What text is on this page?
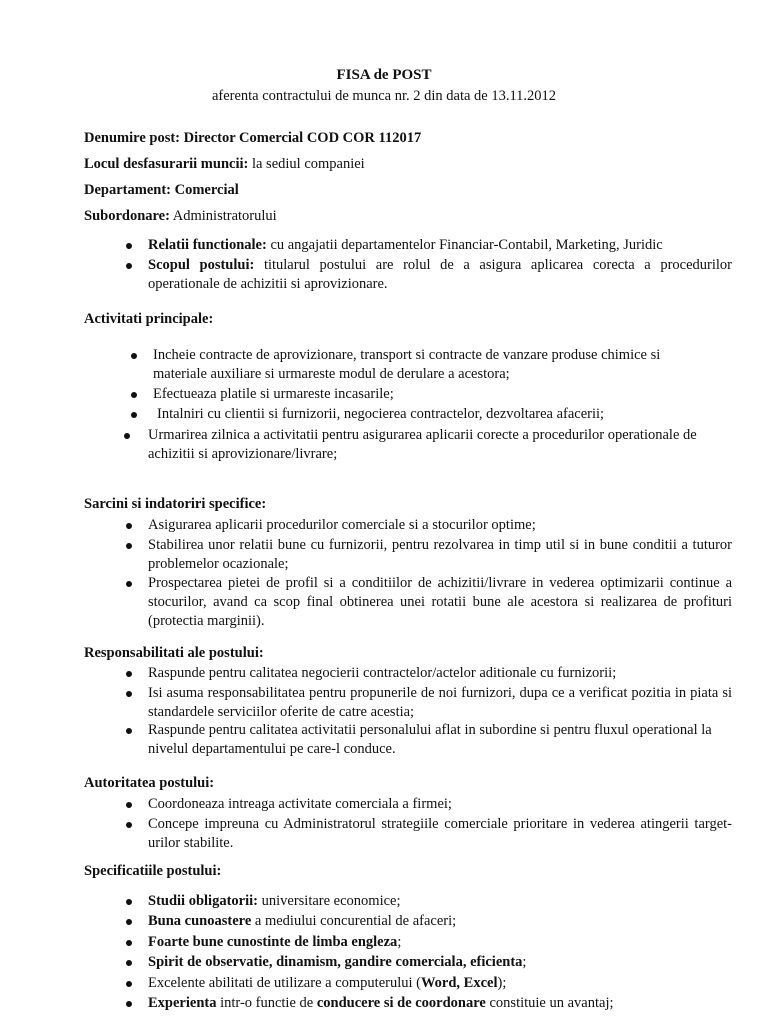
FISA de POST
aferenta contractului de munca nr. 2 din data de 13.11.2012
Denumire post: Director Comercial COD COR 112017
Locul desfasurarii muncii: la sediul companiei
Departament: Comercial
Subordonare: Administratorului
Relatii functionale: cu angajatii departamentelor Financiar-Contabil, Marketing, Juridic
Scopul postului: titularul postului are rolul de a asigura aplicarea corecta a procedurilor operationale de achizitii si aprovizionare.
Activitati principale:
Incheie contracte de aprovizionare, transport si contracte de vanzare produse chimice si materiale auxiliare si urmareste modul de derulare a acestora;
Efectueaza platile si urmareste incasarile;
Intalniri cu clientii si furnizorii, negocierea contractelor, dezvoltarea afacerii;
Urmarirea zilnica a activitatii pentru asigurarea aplicarii corecte a procedurilor operationale de achizitii si aprovizionare/livrare;
Sarcini si indatoriri specifice:
Asigurarea aplicarii procedurilor comerciale si a stocurilor optime;
Stabilirea unor relatii bune cu furnizorii, pentru rezolvarea in timp util si in bune conditii a tuturor problemelor ocazionale;
Prospectarea pietei de profil si a conditiilor de achizitii/livrare in vederea optimizarii continue a stocurilor, avand ca scop final obtinerea unei rotatii bune ale acestora si realizarea de profituri (protectia marginii).
Responsabilitati ale postului:
Raspunde pentru calitatea negocierii contractelor/actelor aditionale cu furnizorii;
Isi asuma responsabilitatea pentru propunerile de noi furnizori, dupa ce a verificat pozitia in piata si standardele serviciilor oferite de catre acestia;
Raspunde pentru calitatea activitatii personalului aflat in subordine si pentru fluxul operational la nivelul departamentului pe care-l conduce.
Autoritatea postului:
Coordoneaza intreaga activitate comerciala a firmei;
Concepe impreuna cu Administratorul strategiile comerciale prioritare in vederea atingerii target-urilor stabilite.
Specificatiile postului:
Studii obligatorii: universitare economice;
Buna cunoastere a mediului concurential de afaceri;
Foarte bune cunostinte de limba engleza;
Spirit de observatie, dinamism, gandire comerciala, eficienta;
Excelente abilitati de utilizare a computerului (Word, Excel);
Experienta intr-o functie de conducere si de coordonare constituie un avantaj;
